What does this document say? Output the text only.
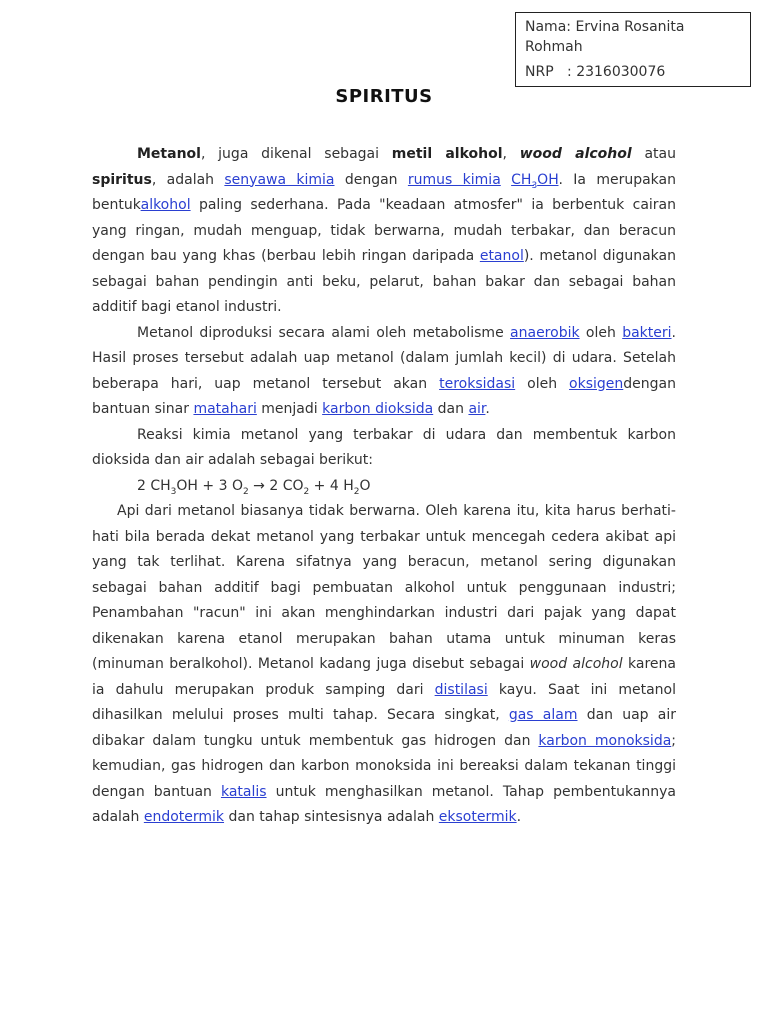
Nama: Ervina Rosanita
Rohmah
NRP   : 2316030076
SPIRITUS

Metanol, juga dikenal sebagai metil alkohol, wood alcohol atau spiritus, adalah senyawa kimia dengan rumus kimia $CH_3OH$. Ia merupakan bentukalkohol paling sederhana. Pada "keadaan atmosfer" ia berbentuk cairan yang ringan, mudah menguap, tidak berwarna, mudah terbakar, dan beracun dengan bau yang khas (berbau lebih ringan daripada etanol). metanol digunakan sebagai bahan pendingin anti beku, pelarut, bahan bakar dan sebagai bahan additif bagi etanol industri.

Metanol diproduksi secara alami oleh metabolisme anaerobik oleh bakteri. Hasil proses tersebut adalah uap metanol (dalam jumlah kecil) di udara. Setelah beberapa hari, uap metanol tersebut akan teroksidasi oleh oksigendengan bantuan sinar matahari menjadi karbon dioksida dan air.

Reaksi kimia metanol yang terbakar di udara dan membentuk karbon dioksida dan air adalah sebagai berikut:

2 $CH_3OH + 3$ $O_2 \to 2$ $CO_2 + 4$ $H_2O$

Api dari metanol biasanya tidak berwarna. Oleh karena itu, kita harus berhati-hati bila berada dekat metanol yang terbakar untuk mencegah cedera akibat api yang tak terlihat. Karena sifatnya yang beracun, metanol sering digunakan sebagai bahan additif bagi pembuatan alkohol untuk penggunaan industri; Penambahan "racun" ini akan menghindarkan industri dari pajak yang dapat dikenakan karena etanol merupakan bahan utama untuk minuman keras (minuman beralkohol). Metanol kadang juga disebut sebagai wood alcohol karena ia dahulu merupakan produk samping dari distilasi kayu. Saat ini metanol dihasilkan melului proses multi tahap. Secara singkat, gas alam dan uap air dibakar dalam tungku untuk membentuk gas hidrogen dan karbon monoksida; kemudian, gas hidrogen dan karbon monoksida ini bereaksi dalam tekanan tinggi dengan bantuan katalis untuk menghasilkan metanol. Tahap pembentukannya adalah endotermik dan tahap sintesisnya adalah eksotermik.
